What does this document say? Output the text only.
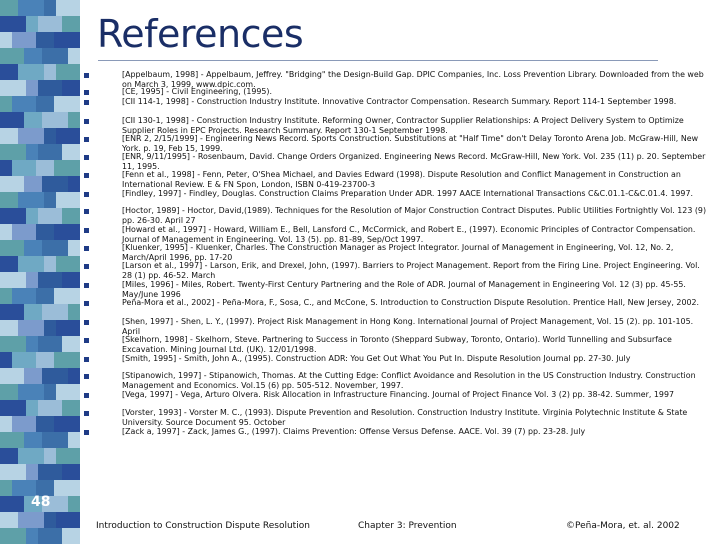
References

[Appelbaum, 1998] - Appelbaum, Jeffrey. "Bridging" the Design-Build Gap. DPIC Companies, Inc. Loss Prevention Library. Downloaded from the web on March 3, 1999, www.dpic.com.

[CE, 1995] - Civil Engineering, (1995).

[CII 114-1, 1998] - Construction Industry Institute. Innovative Contractor Compensation. Research Summary. Report 114-1 September 1998.

[CII 130-1, 1998] - Construction Industry Institute. Reforming Owner, Contractor Supplier Relationships: A Project Delivery System to Optimize Supplier Roles in EPC Projects. Research Summary. Report 130-1 September 1998.

[ENR 2, 2/15/1999] - Engineering News Record. Sports Construction. Substitutions at "Half Time" don't Delay Toronto Arena Job. McGraw-Hill, New York. p. 19, Feb 15, 1999.

[ENR, 9/11/1995] - Rosenbaum, David. Change Orders Organized. Engineering News Record. McGraw-Hill, New York. Vol. 235 (11) p. 20. September 11, 1995.

[Fenn et al., 1998] - Fenn, Peter, O'Shea Michael, and Davies Edward (1998). Dispute Resolution and Conflict Management in Construction an International Review. E & FN Spon, London, ISBN 0-419-23700-3

[Findley, 1997] - Findley, Douglas. Construction Claims Preparation Under ADR. 1997 AACE International Transactions C&C.01.1-C&C.01.4. 1997.

[Hoctor, 1989] - Hoctor, David,(1989). Techniques for the Resolution of Major Construction Contract Disputes. Public Utilities Fortnightly Vol. 123 (9) pp. 26-30. April 27

[Howard et al., 1997] - Howard, William E., Bell, Lansford C., McCormick, and Robert E., (1997). Economic Principles of Contractor Compensation. Journal of Management in Engineering. Vol. 13 (5). pp. 81-89, Sep/Oct 1997.

[Kluenker, 1995] - Kluenker, Charles. The Construction Manager as Project Integrator. Journal of Management in Engineering, Vol. 12, No. 2, March/April 1996, pp. 17-20

[Larson et al., 1997] - Larson, Erik, and Drexel, John, (1997). Barriers to Project Management. Report from the Firing Line. Project Engineering. Vol. 28 (1) pp. 46-52. March

[Miles, 1996] - Miles, Robert. Twenty-First Century Partnering and the Role of ADR. Journal of Management in Engineering Vol. 12 (3) pp. 45-55. May/June 1996

Peña-Mora et al., 2002] - Peña-Mora, F., Sosa, C., and McCone, S. Introduction to Construction Dispute Resolution. Prentice Hall, New Jersey, 2002.

[Shen, 1997] - Shen, L. Y., (1997). Project Risk Management in Hong Kong. International Journal of Project Management, Vol. 15 (2). pp. 101-105. April

[Skelhorn, 1998] - Skelhorn, Steve. Partnering to Success in Toronto (Sheppard Subway, Toronto, Ontario). World Tunnelling and Subsurface Excavation. Mining Journal Ltd. (UK). 12/01/1998.

[Smith, 1995] - Smith, John A., (1995). Construction ADR: You Get Out What You Put In. Dispute Resolution Journal pp. 27-30. July

[Stipanowich, 1997] - Stipanowich, Thomas. At the Cutting Edge: Conflict Avoidance and Resolution in the US Construction Industry. Construction Management and Economics. Vol.15 (6) pp. 505-512. November, 1997.

[Vega, 1997] - Vega, Arturo Olvera. Risk Allocation in Infrastructure Financing. Journal of Project Finance Vol. 3 (2) pp. 38-42. Summer, 1997

[Vorster, 1993] - Vorster M. C., (1993). Dispute Prevention and Resolution. Construction Industry Institute. Virginia Polytechnic Institute & State University. Source Document 95. October

[Zack a, 1997] - Zack, James G., (1997). Claims Prevention: Offense Versus Defense. AACE. Vol. 39 (7) pp. 23-28. July

48
Introduction to Construction Dispute Resolution	Chapter 3: Prevention	©Peña-Mora, et. al. 2002
